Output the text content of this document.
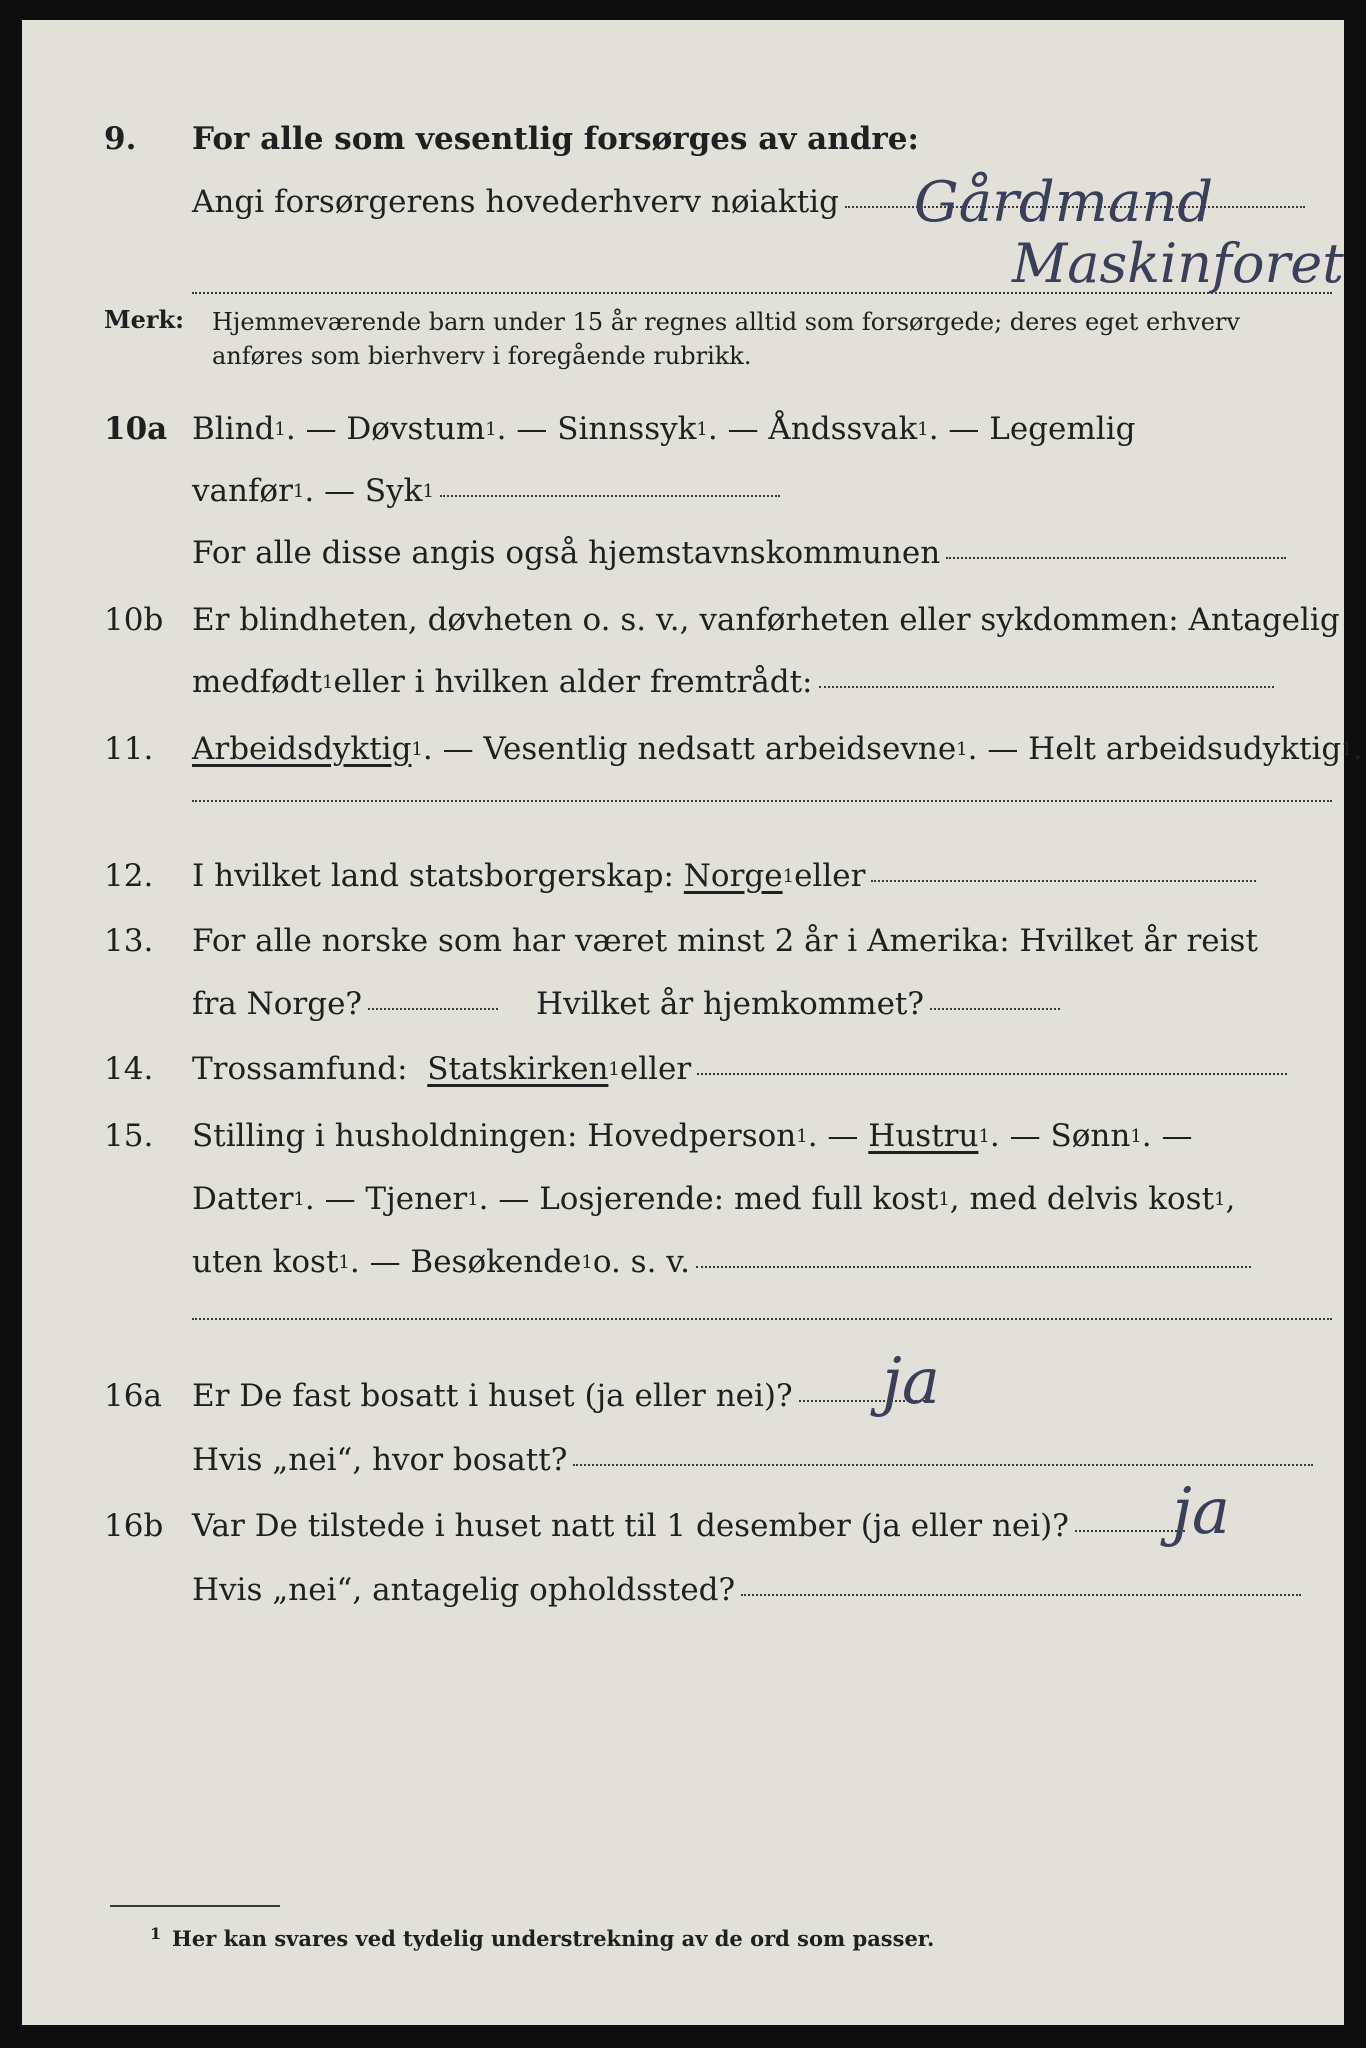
9. For alle som vesentlig forsørges av andre:
Angi forsørgerens hovederhverv nøiaktig Gårdmand
Maskinforet
Merk: Hjemmeværende barn under 15 år regnes alltid som forsørgede; deres eget erhverv anføres som bierhverv i foregående rubrikk.
10a Blind$^1$ . — Døvstum$^1$ . — Sinnssyk$^1$ . — Åndssvak$^1$ . — Legemlig
vanfør$^1$ . — Syk$^1$
For alle disse angis også hjemstavnskommunen
10b Er blindheten, døvheten o. s. v., vanførheten eller sykdommen: Antagelig
medfødt$^1$ eller i hvilken alder fremtrådt:
11. Arbeidsdyktig$^1$ . — Vesentlig nedsatt arbeidsevne$^1$ . — Helt arbeidsudyktig$^1$ .
12. I hvilket land statsborgerskap:
Norge$^1$ eller
13. For alle norske som har været minst 2 år i Amerika: Hvilket år reist
fra Norge?	Hvilket år hjemkommet?
14. Trossamfund:
Statskirken$^1$ eller
15. Stilling i husholdningen: Hovedperson$^1$ . —
Hustru$^1$ . — Sønn$^1$ . —
Datter$^1$ . — Tjener$^1$ . — Losjerende: med full kost$^1$ , med delvis kost$^1$ ,
uten kost$^1$ . — Besøkende$^1$ o. s. v.
16a Er De fast bosatt i huset (ja eller nei)? ja
Hvis „nei“, hvor bosatt?
16b Var De tilstede i huset natt til 1 desember (ja eller nei)? ja
Hvis „nei“, antagelig opholdssted?
1 Her kan svares ved tydelig understrekning av de ord som passer.
